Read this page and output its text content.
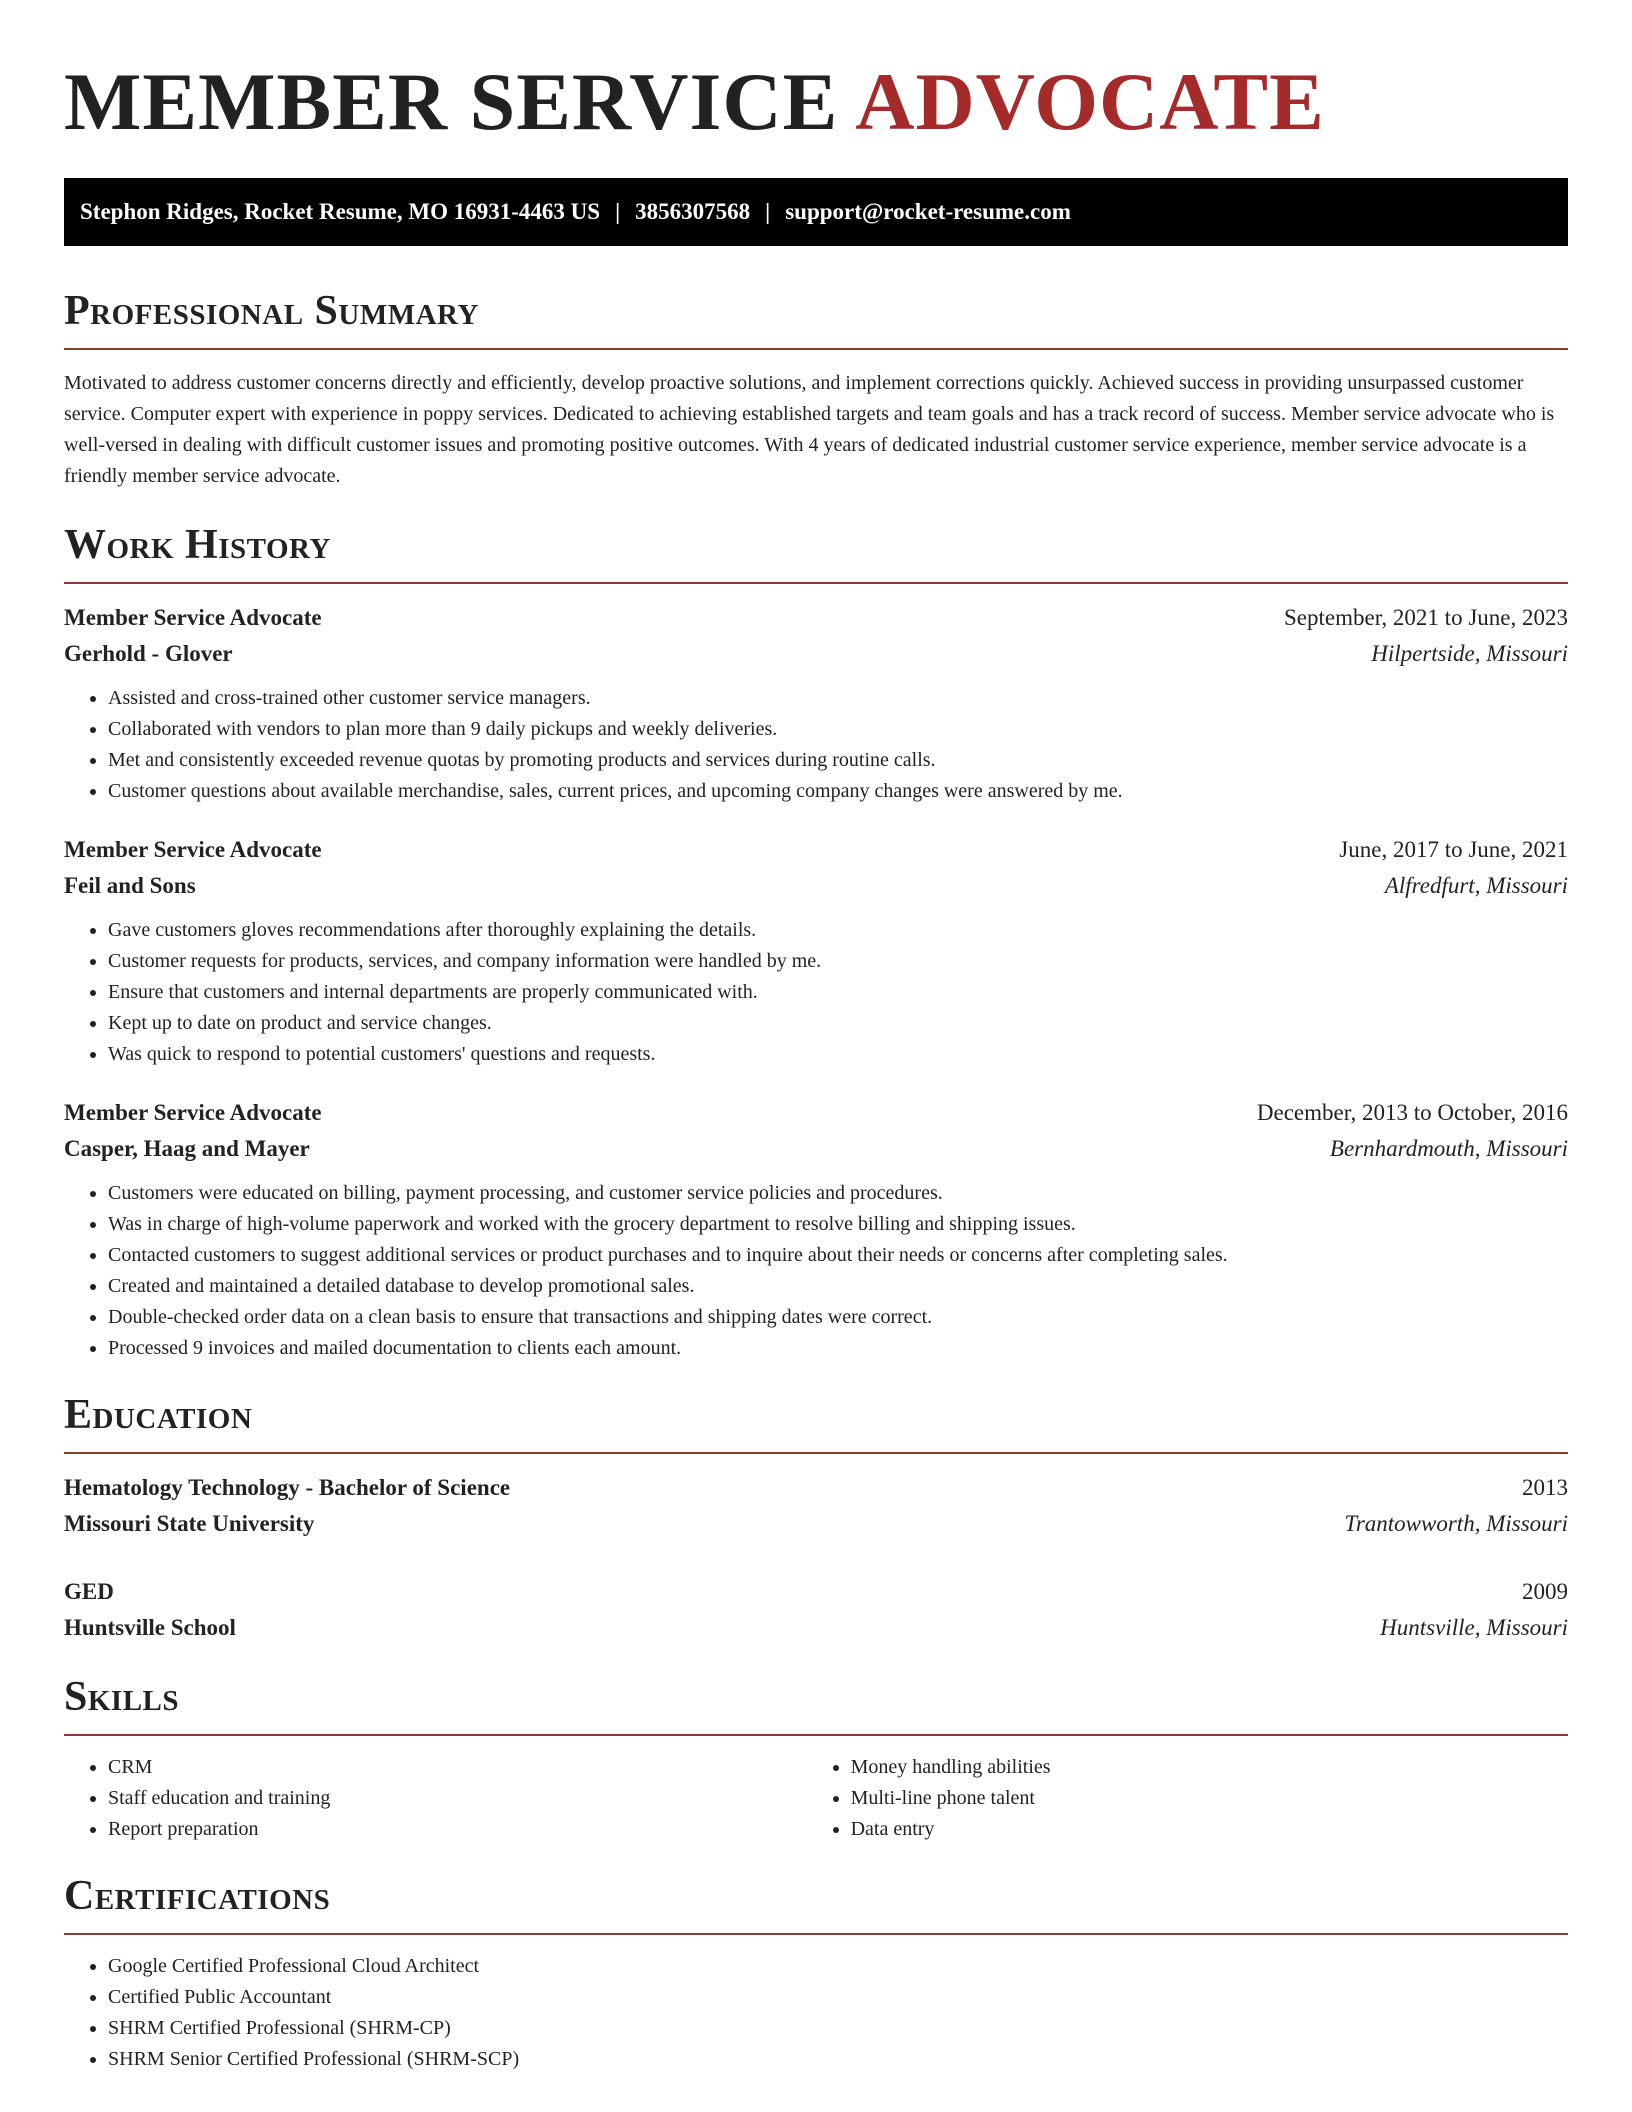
MEMBER SERVICE ADVOCATE
Stephon Ridges, Rocket Resume, MO 16931-4463 US | 3856307568 | support@rocket-resume.com
Professional Summary

Motivated to address customer concerns directly and efficiently, develop proactive solutions, and implement corrections quickly. Achieved success in providing unsurpassed customer service. Computer expert with experience in poppy services. Dedicated to achieving established targets and team goals and has a track record of success. Member service advocate who is well-versed in dealing with difficult customer issues and promoting positive outcomes. With 4 years of dedicated industrial customer service experience, member service advocate is a friendly member service advocate.

Work History
Member Service Advocate	September, 2021 to June, 2023
Gerhold - Glover	Hilpertside, Missouri
• Assisted and cross-trained other customer service managers.
• Collaborated with vendors to plan more than 9 daily pickups and weekly deliveries.
• Met and consistently exceeded revenue quotas by promoting products and services during routine calls.
• Customer questions about available merchandise, sales, current prices, and upcoming company changes were answered by me.
Member Service Advocate	June, 2017 to June, 2021
Feil and Sons	Alfredfurt, Missouri
• Gave customers gloves recommendations after thoroughly explaining the details.
• Customer requests for products, services, and company information were handled by me.
• Ensure that customers and internal departments are properly communicated with.
• Kept up to date on product and service changes.
• Was quick to respond to potential customers' questions and requests.
Member Service Advocate	December, 2013 to October, 2016
Casper, Haag and Mayer	Bernhardmouth, Missouri
• Customers were educated on billing, payment processing, and customer service policies and procedures.
• Was in charge of high-volume paperwork and worked with the grocery department to resolve billing and shipping issues.
• Contacted customers to suggest additional services or product purchases and to inquire about their needs or concerns after completing sales.
• Created and maintained a detailed database to develop promotional sales.
• Double-checked order data on a clean basis to ensure that transactions and shipping dates were correct.
• Processed 9 invoices and mailed documentation to clients each amount.
Education
Hematology Technology - Bachelor of Science	2013
Missouri State University	Trantowworth, Missouri
GED	2009
Huntsville School	Huntsville, Missouri
Skills
• CRM
• Staff education and training
• Report preparation
• Money handling abilities
• Multi-line phone talent
• Data entry
Certifications
• Google Certified Professional Cloud Architect
• Certified Public Accountant
• SHRM Certified Professional (SHRM-CP)
• SHRM Senior Certified Professional (SHRM-SCP)
